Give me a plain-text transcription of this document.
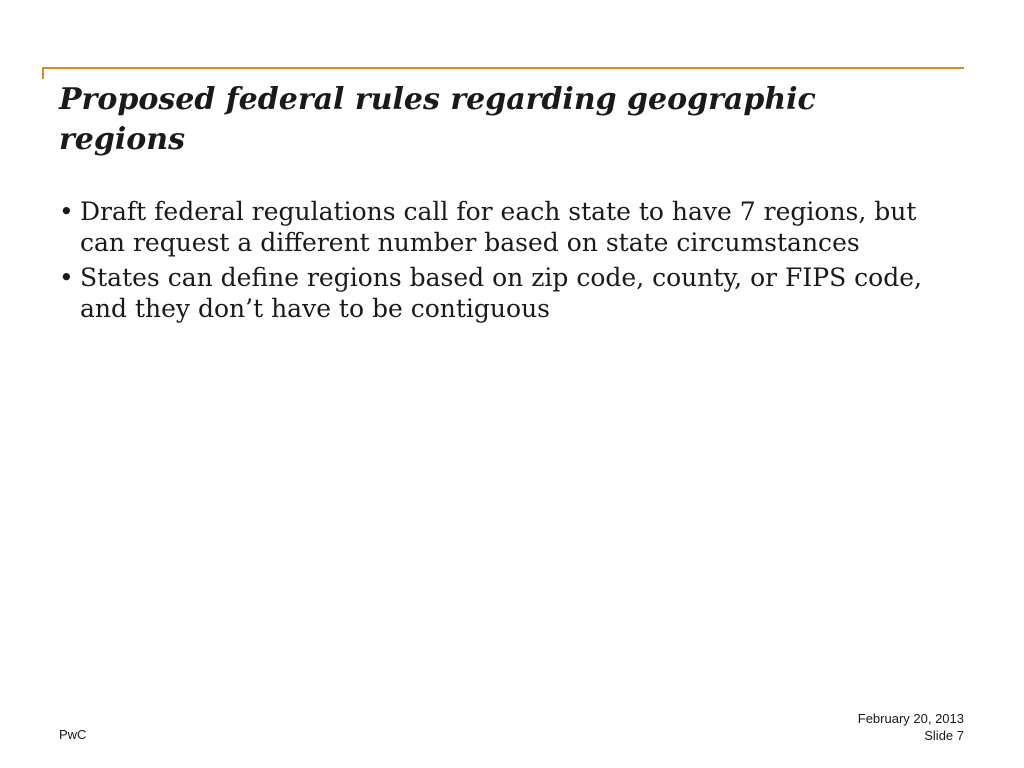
Proposed federal rules regarding geographic regions
• Draft federal regulations call for each state to have 7 regions, but can request a different number based on state circumstances
• States can define regions based on zip code, county, or FIPS code, and they don’t have to be contiguous
PwC
February 20, 2013
Slide 7
